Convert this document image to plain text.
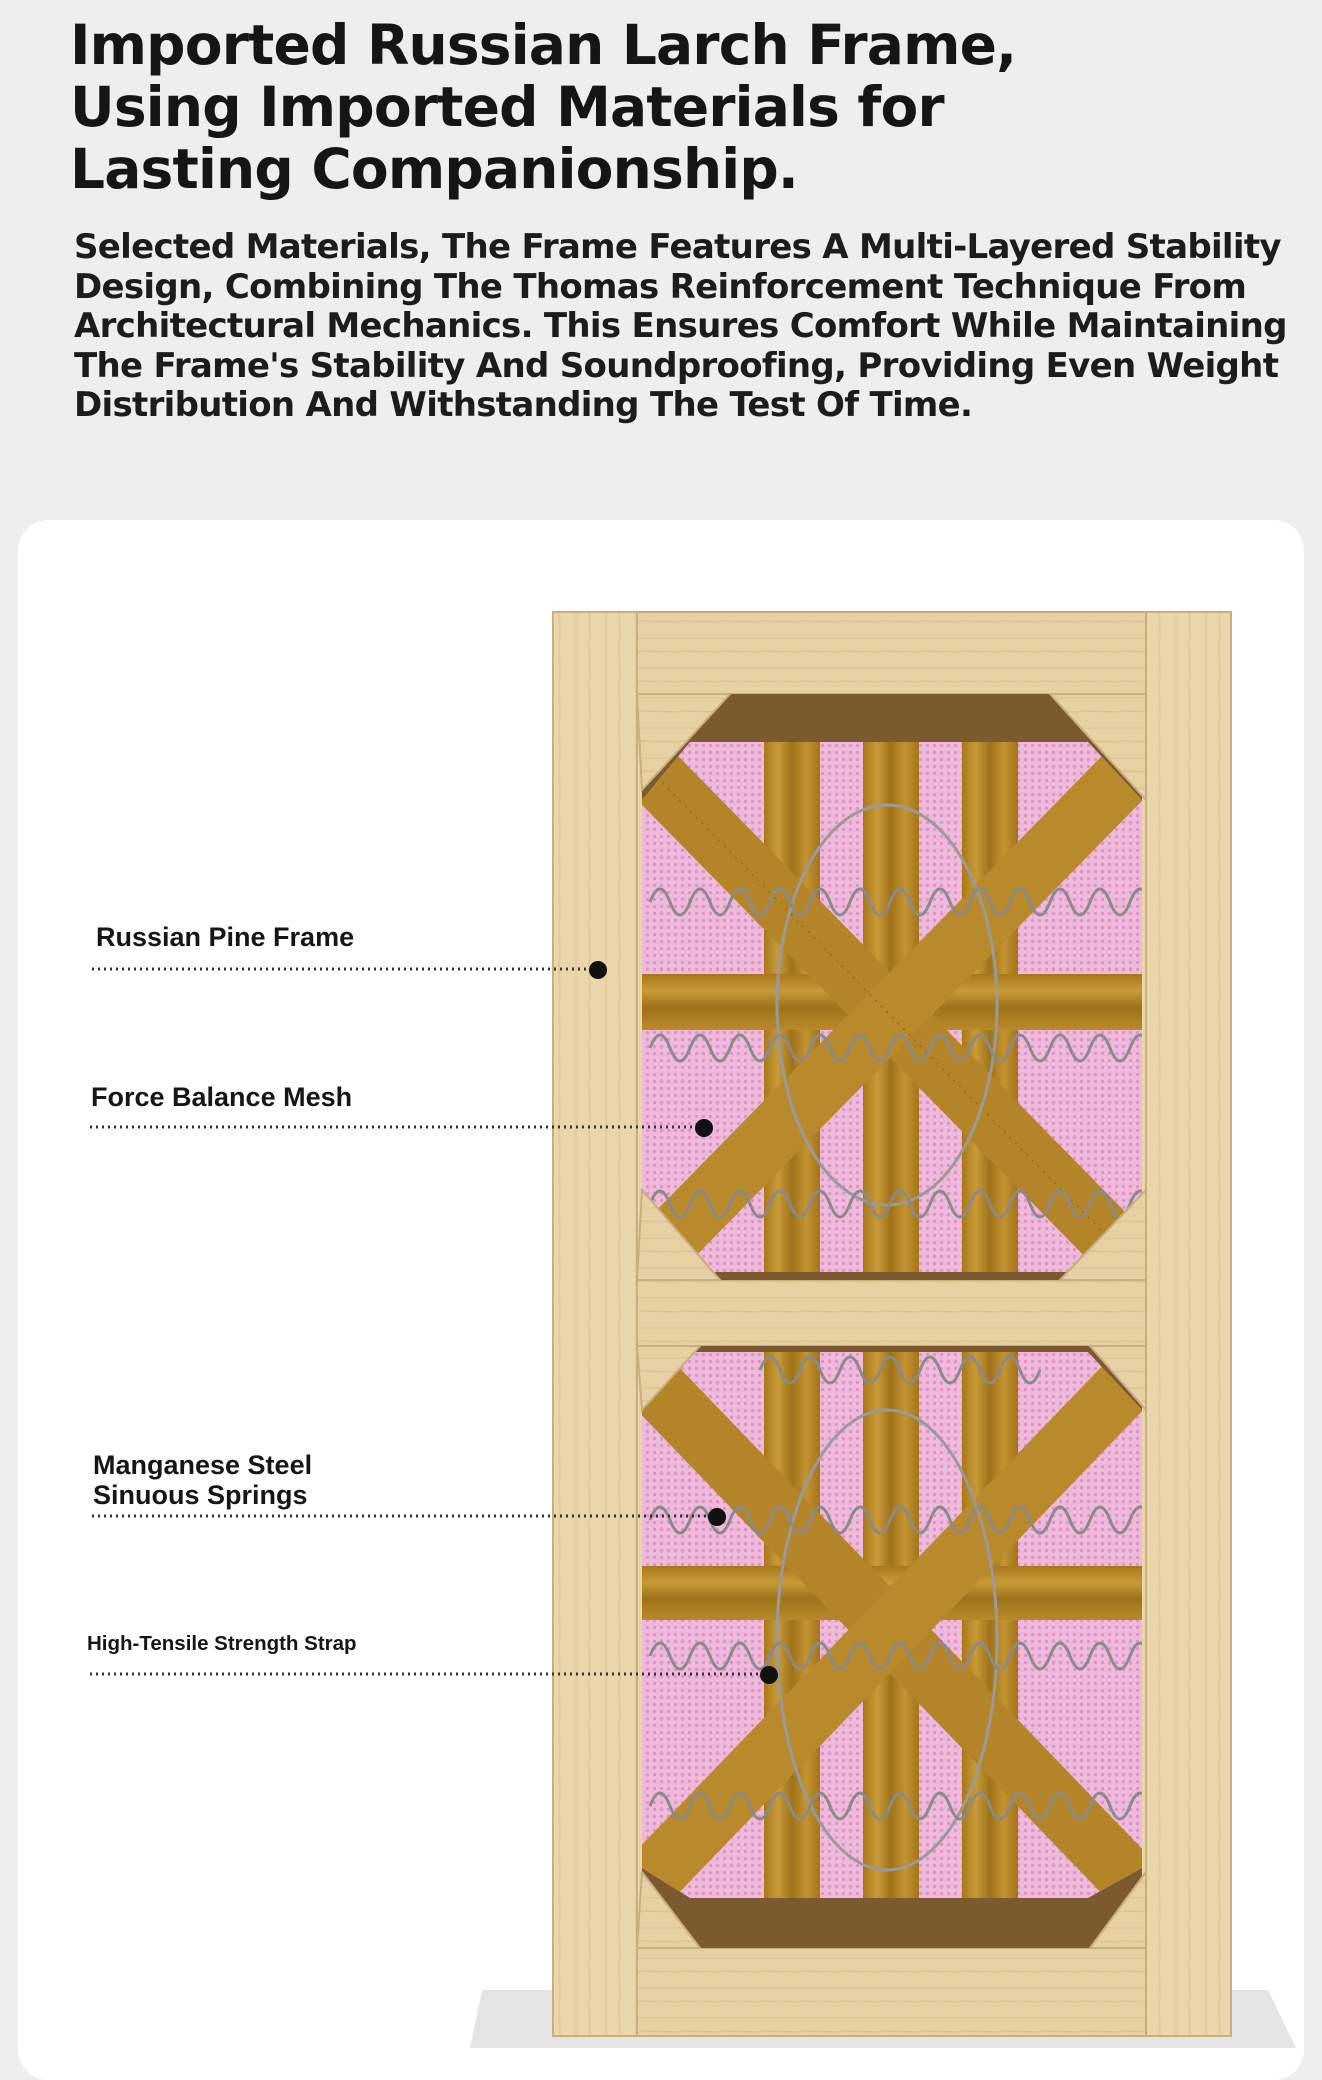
Imported Russian Larch Frame,
Using Imported Materials for
Lasting Companionship.

Selected Materials, The Frame Features A Multi-Layered Stability
Design, Combining The Thomas Reinforcement Technique From
Architectural Mechanics. This Ensures Comfort While Maintaining
The Frame's Stability And Soundproofing, Providing Even Weight
Distribution And Withstanding The Test Of Time.

Russian Pine Frame
Force Balance Mesh
Manganese Steel
Sinuous Springs
High-Tensile Strength Strap
